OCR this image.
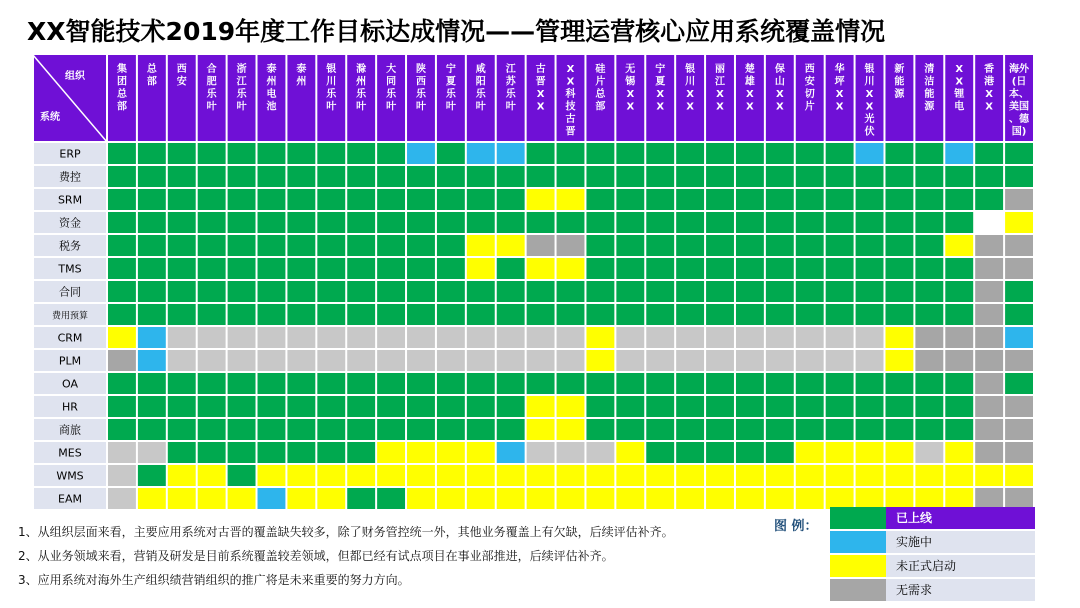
XX智能技术2019年度工作目标达成情况——管理运营核心应用系统覆盖情况
组织
系统
集团总部
总部
西安
合肥乐叶
浙江乐叶
泰州电池
泰州
银川乐叶
滁州乐叶
大同乐叶
陕西乐叶
宁夏乐叶
咸阳乐叶
江苏乐叶
古晋 X X
X X 科技古晋
硅片总部
无锡 X X
宁夏 X X
银川 X X
丽江 X X
楚雄 X X
保山 X X
西安切片
华坪 X X
银川 X X 光伏
新能源
清洁能源
X X 锂电
香港 X X
海外(日本、美国、德国)
ERP
费控
SRM
资金
税务
TMS
合同
费用预算
CRM
PLM
OA
HR
商旅
MES
WMS
EAM
1、从组织层面来看，主要应用系统对古晋的覆盖缺失较多，除了财务管控统一外，其他业务覆盖上有欠缺，后续评估补齐。
2、从业务领域来看，营销及研发是目前系统覆盖较差领域，但都已经有试点项目在事业部推进，后续评估补齐。
3、应用系统对海外生产组织绩营销组织的推广将是未来重要的努力方向。
图 例：
已上线
实施中
未正式启动
无需求
